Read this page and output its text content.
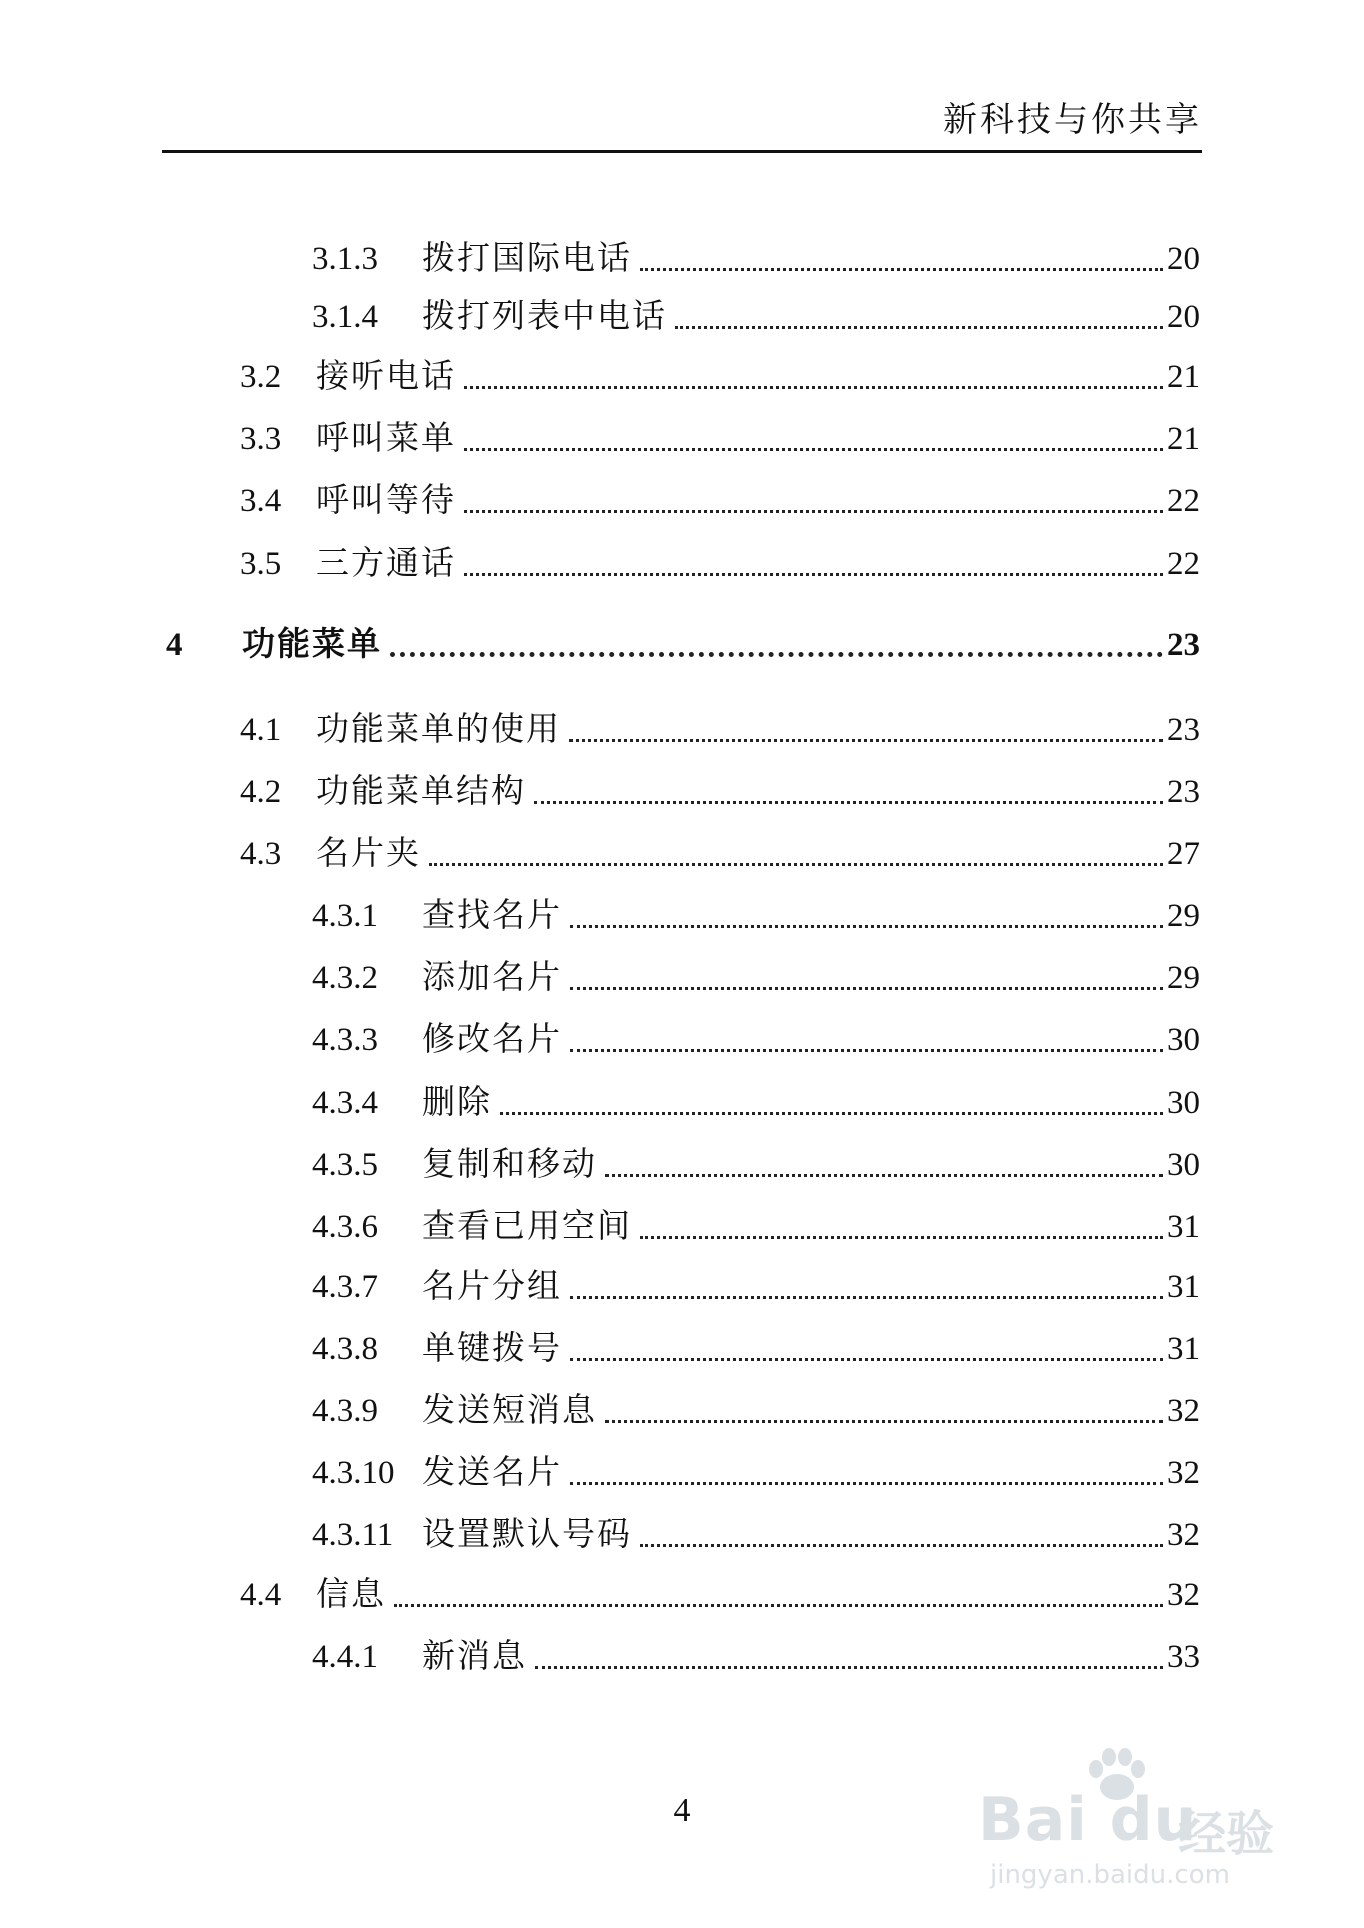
新科技与你共享
3.1.3	拨打国际电话	20
3.1.4	拨打列表中电话	20
3.2	接听电话	21
3.3	呼叫菜单	21
3.4	呼叫等待	22
3.5	三方通话	22
4	功能菜单	23
4.1	功能菜单的使用	23
4.2	功能菜单结构	23
4.3	名片夹	27
4.3.1	查找名片	29
4.3.2	添加名片	29
4.3.3	修改名片	30
4.3.4	删除	30
4.3.5	复制和移动	30
4.3.6	查看已用空间	31
4.3.7	名片分组	31
4.3.8	单键拨号	31
4.3.9	发送短消息	32
4.3.10 发送名片	32
4.3.11 设置默认号码	32
4.4	信息	32
4.4.1	新消息	33
4	Bai du
经验
jingyan.baidu.com
